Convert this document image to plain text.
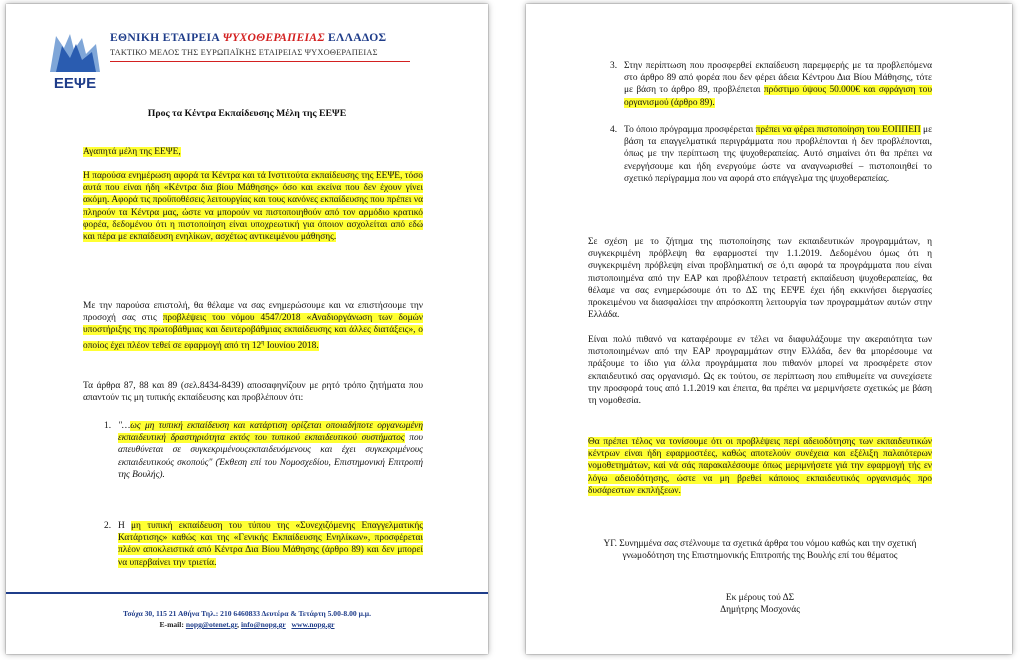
ΕΕΨΕ
ΕΘΝΙΚΗ ΕΤΑΙΡΕΙΑ ΨΥΧΟΘΕΡΑΠΕΙΑΣ ΕΛΛΑΔΟΣ
ΤΑΚΤΙΚΟ ΜΕΛΟΣ ΤΗΣ ΕΥΡΩΠΑΪΚΗΣ ΕΤΑΙΡΕΙΑΣ ΨΥΧΟΘΕΡΑΠΕΙΑΣ
Προς τα Κέντρα Εκπαίδευσης Μέλη της ΕΕΨΕ
Αγαπητά μέλη της ΕΕΨΕ,
Η παρούσα ενημέρωση αφορά τα Κέντρα και τά Ινστιτούτα εκπαίδευσης της ΕΕΨΕ, τόσο αυτά που είναι ήδη «Κέντρα δια βίου Μάθησης» όσο και εκείνα που δεν έχουν γίνει ακόμη. Αφορά τις προϋποθέσεις λειτουργίας και τους κανόνες εκπαίδευσης που πρέπει να πληρούν τα Κέντρα μας, ώστε να μπορούν να πιστοποιηθούν από τον αρμόδιο κρατικό φορέα, δεδομένου ότι η πιστοποίηση είναι υποχρεωτική για όποιον ασχολείται από εδώ και πέρα με εκπαίδευση ενηλίκων, ασχέτως αντικειμένου μάθησης.
Με την παρούσα επιστολή, θα θέλαμε να σας ενημερώσουμε και να επιστήσουμε την προσοχή σας στις προβλέψεις του νόμου 4547/2018 «Αναδιοργάνωση των δομών υποστήριξης της πρωτοβάθμιας και δευτεροβάθμιας εκπαίδευσης και άλλες διατάξεις», ο οποίος έχει πλέον τεθεί σε εφαρμογή από τη $12^\eta$ Ιουνίου 2018.
Τα άρθρα 87, 88 και 89 (σελ.8434-8439) αποσαφηνίζουν με ρητό τρόπο ζητήματα που απαντούν τις μη τυπικής εκπαίδευσης και προβλέπουν ότι:
1. "…ως μη τυπική εκπαίδευση και κατάρτιση ορίζεται οποιαδήποτε οργανωμένη εκπαιδευτική δραστηριότητα εκτός του τυπικού εκπαιδευτικού συστήματος που απευθύνεται σε συγκεκριμένουςεκπαιδευόμενους και έχει συγκεκριμένους εκπαιδευτικούς σκοπούς" (Έκθεση επί του Νομοσχεδίου, Επιστημονική Επιτροπή της Βουλής).
2. Η μη τυπική εκπαίδευση του τύπου της «Συνεχιζόμενης Επαγγελματικής Κατάρτισης» καθώς και της «Γενικής Εκπαίδευσης Ενηλίκων», προσφέρεται πλέον αποκλειστικά από Κέντρα Δια Βίου Μάθησης (άρθρο 89) και δεν μπορεί να υπερβαίνει την τριετία.
Τσόχα 30, 115 21 Αθήνα Τηλ.: 210 6460833 Δευτέρα & Τετάρτη 5.00-8.00 μ.μ.
E-mail: nopg@otenet.gr, info@nopg.gr www.nopg.gr
3. Στην περίπτωση που προσφερθεί εκπαίδευση παρεμφερής με τα προβλεπόμενα στο άρθρο 89 από φορέα που δεν φέρει άδεια Κέντρου Δια Βίου Μάθησης, τότε με βάση το άρθρο 89, προβλέπεται πρόστιμο ύψους 50.000€ και σφράγιση του οργανισμού (άρθρο 89).
4. Το όποιο πρόγραμμα προσφέρεται πρέπει να φέρει πιστοποίηση του ΕΟΠΠΕΠ με βάση τα επαγγελματικά περιγράμματα που προβλέπονται ή δεν προβλέπονται, όπως με την περίπτωση της ψυχοθεραπείας. Αυτό σημαίνει ότι θα πρέπει να ενεργήσουμε και ήδη ενεργούμε ώστε να αναγνωρισθεί – πιστοποιηθεί το σχετικό περίγραμμα που να αφορά στο επάγγελμα της ψυχοθεραπείας.
Σε σχέση με το ζήτημα της πιστοποίησης των εκπαιδευτικών προγραμμάτων, η συγκεκριμένη πρόβλεψη θα εφαρμοστεί την 1.1.2019. Δεδομένου όμως ότι η συγκεκριμένη πρόβλεψη είναι προβληματική σε ό,τι αφορά τα προγράμματα που είναι πιστοποιημένα από την ΕΑΡ και προβλέπουν τετραετή εκπαίδευση ψυχοθεραπείας, θα θέλαμε να σας ενημερώσουμε ότι το ΔΣ της ΕΕΨΕ έχει ήδη εκκινήσει διεργασίες προκειμένου να διασφαλίσει την απρόσκοπτη λειτουργία των προγραμμάτων αυτών στην Ελλάδα.
Είναι πολύ πιθανό να καταφέρουμε εν τέλει να διαφυλάξουμε την ακεραιότητα των πιστοποιημένων από την ΕΑΡ προγραμμάτων στην Ελλάδα, δεν θα μπορέσουμε να πράξουμε το ίδιο για άλλα προγράμματα που πιθανόν μπορεί να προσφέρετε στον εκπαιδευτικό σας οργανισμό. Ως εκ τούτου, σε περίπτωση που επιθυμείτε να συνεχίσετε την προσφορά τους από 1.1.2019 και έπειτα, θα πρέπει να μεριμνήσετε σχετικώς με βάση τη νομοθεσία.
Θα πρέπει τέλος να τονίσουμε ότι οι προβλέψεις περί αδειοδότησης των εκπαιδευτικών κέντρων είναι ήδη εφαρμοστέες, καθώς αποτελούν συνέχεια και εξέλιξη παλαιότερων νομοθετημάτων, καί νά σάς παρακαλέσουμε όπως μεριμνήσετε γιά την εφαρμογή τής εν λόγω αδειοδότησης, ώστε να μη βρεθεί κάποιος εκπαιδευτικός οργανισμός προ δυσάρεστων εκπλήξεων.
ΥΓ. Συνημμένα σας στέλνουμε τα σχετικά άρθρα του νόμου καθώς και την σχετική γνωμοδότηση της Επιστημονικής Επιτροπής της Βουλής επί του θέματος
Εκ μέρους τού ΔΣ
Δημήτρης Μοσχονάς
